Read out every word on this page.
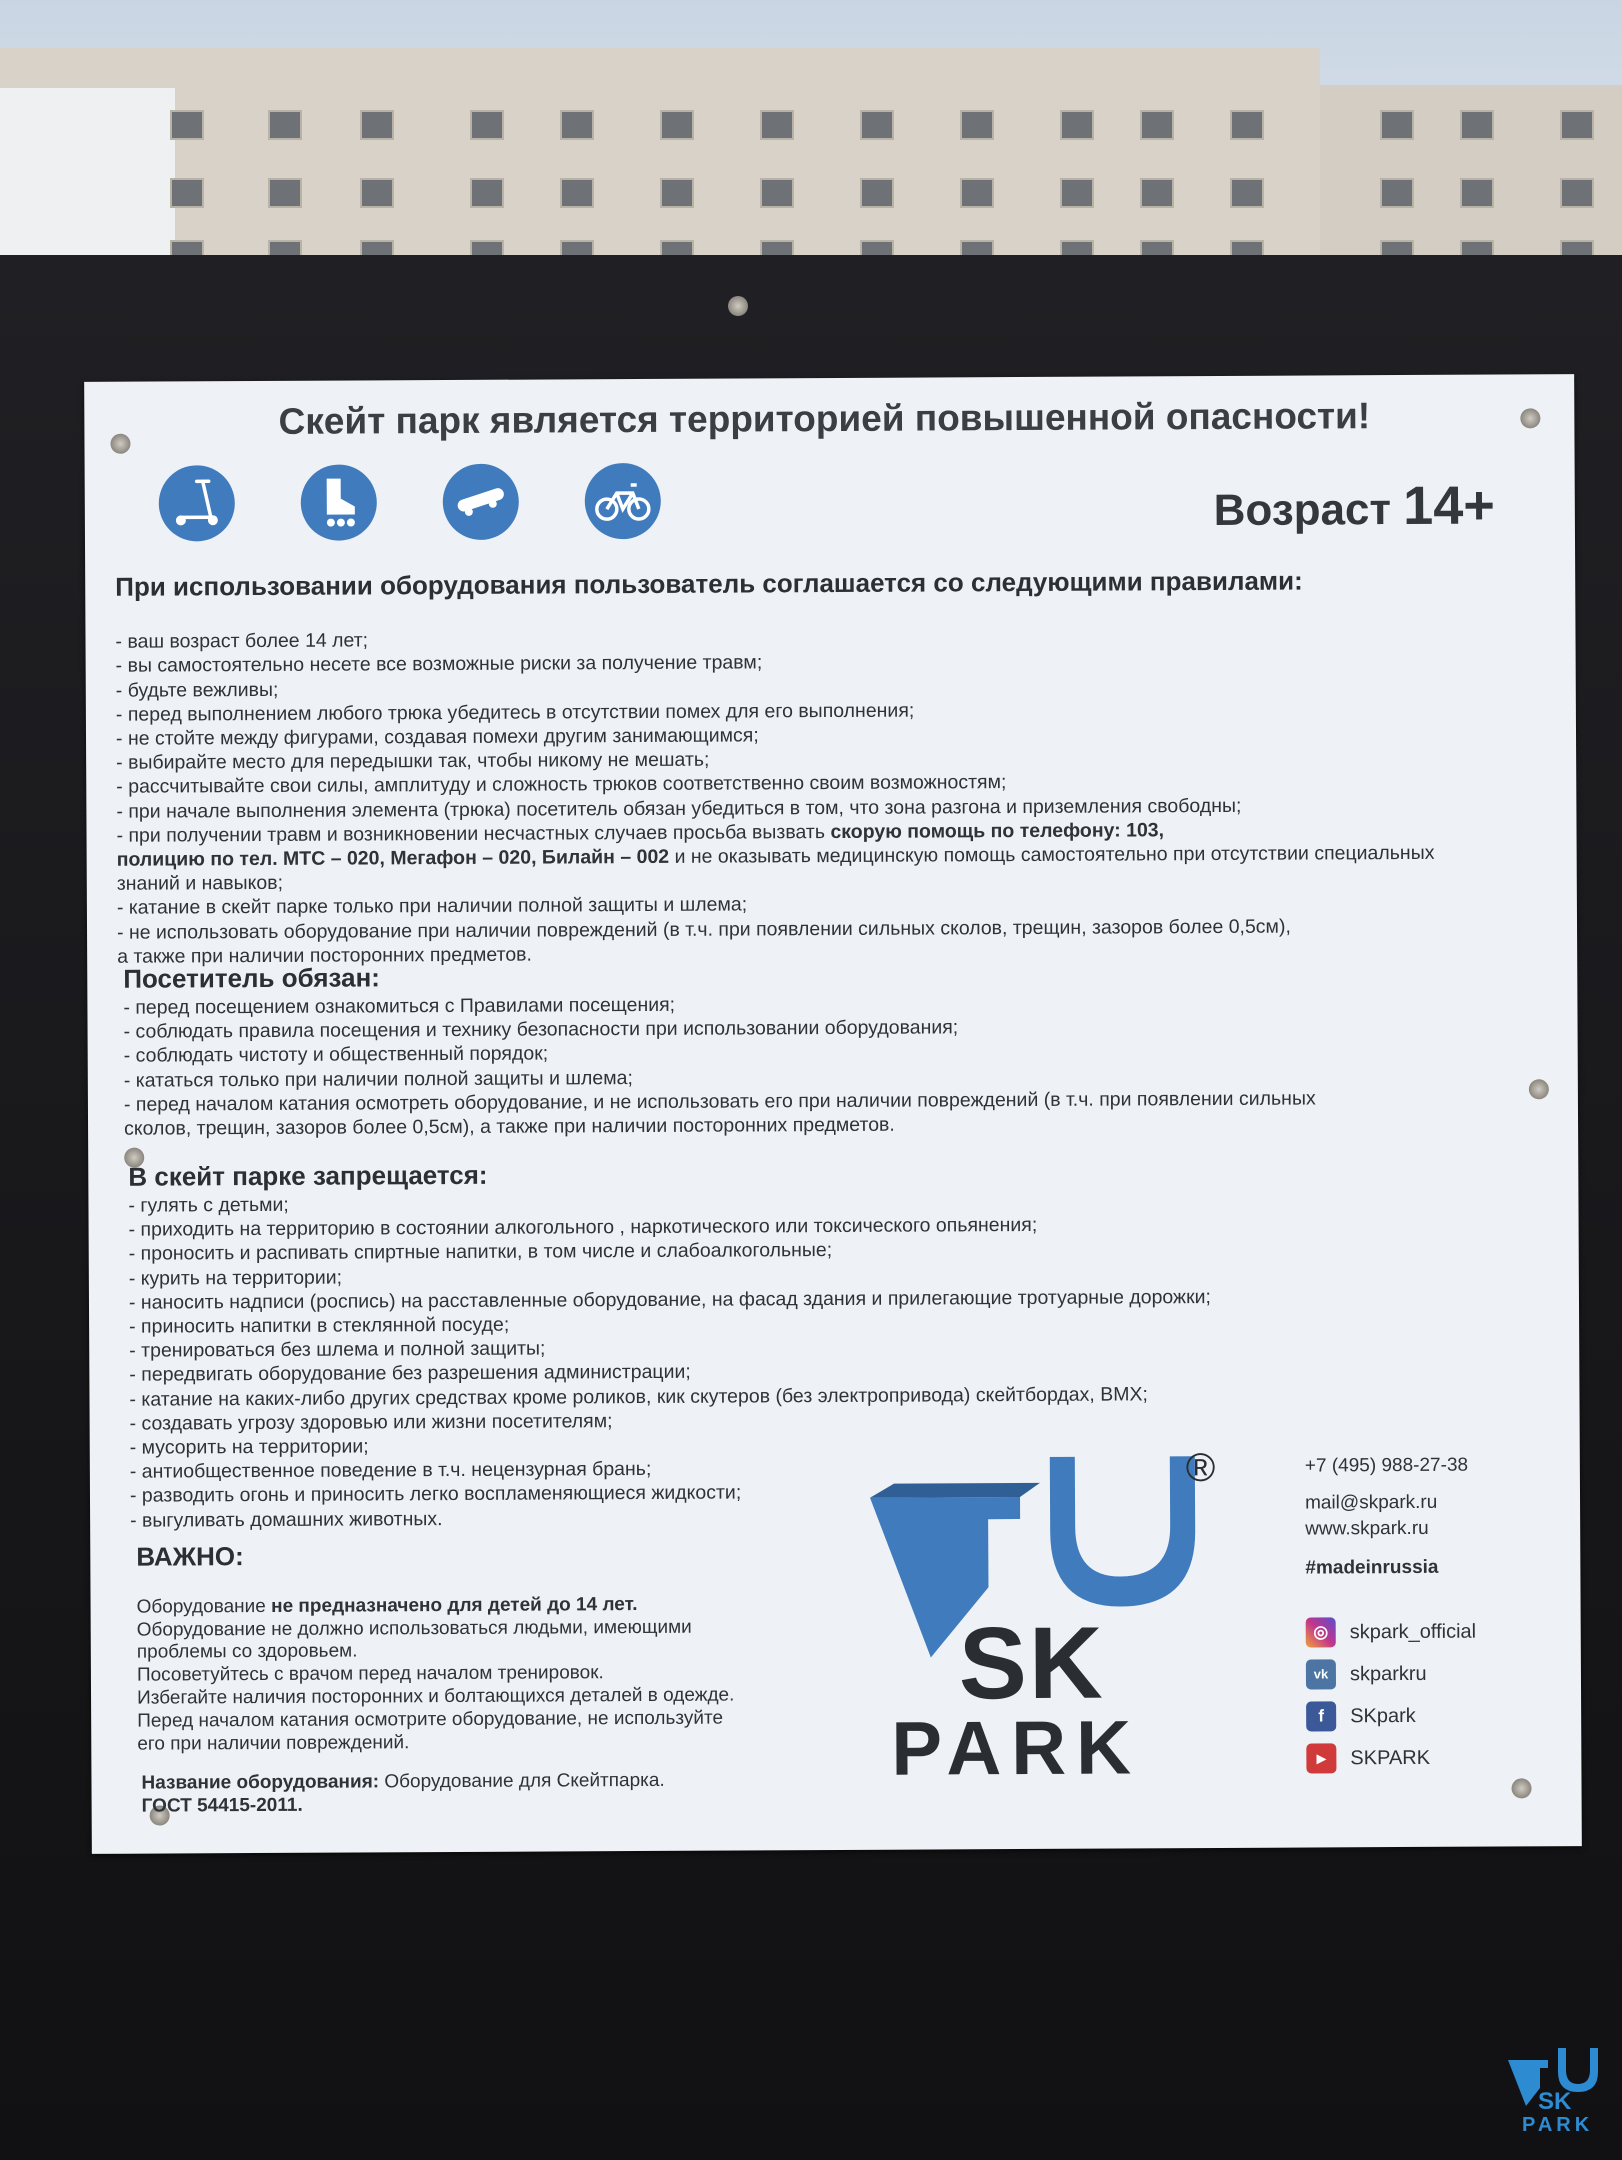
Скейт парк является территорией повышенной опасности!
Возраст 14+
При использовании оборудования пользователь соглашается со следующими правилами:

- ваш возраст более 14 лет;
- вы самостоятельно несете все возможные риски за получение травм;
- будьте вежливы;
- перед выполнением любого трюка убедитесь в отсутствии помех для его выполнения;
- не стойте между фигурами, создавая помехи другим занимающимся;
- выбирайте место для передышки так, чтобы никому не мешать;
- рассчитывайте свои силы, амплитуду и сложность трюков соответственно своим возможностям;
- при начале выполнения элемента (трюка) посетитель обязан убедиться в том, что зона разгона и приземления свободны;
- при получении травм и возникновении несчастных случаев просьба вызвать скорую помощь по телефону: 103,
полицию по тел. МТС – 020, Мегафон – 020, Билайн – 002 и не оказывать медицинскую помощь самостоятельно при отсутствии специальных знаний и навыков;
- катание в скейт парке только при наличии полной защиты и шлема;
- не использовать оборудование при наличии повреждений (в т.ч. при появлении сильных сколов, трещин, зазоров более 0,5см),
а также при наличии посторонних предметов.

Посетитель обязан:
- перед посещением ознакомиться с Правилами посещения;
- соблюдать правила посещения и технику безопасности при использовании оборудования;
- соблюдать чистоту и общественный порядок;
- кататься только при наличии полной защиты и шлема;
- перед началом катания осмотреть оборудование, и не использовать его при наличии повреждений (в т.ч. при появлении сильных
сколов, трещин, зазоров более 0,5см), а также при наличии посторонних предметов.
В скейт парке запрещается:
- гулять с детьми;
- приходить на территорию в состоянии алкогольного , наркотического или токсического опьянения;
- проносить и распивать спиртные напитки, в том числе и слабоалкогольные;
- курить на территории;
- наносить надписи (роспись) на расставленные оборудование, на фасад здания и прилегающие тротуарные дорожки;
- приносить напитки в стеклянной посуде;
- тренироваться без шлема и полной защиты;
- передвигать оборудование без разрешения администрации;
- катание на каких-либо других средствах кроме роликов, кик скутеров (без электропривода) скейтбордах, BMX;
- создавать угрозу здоровью или жизни посетителям;
- мусорить на территории;
- антиобщественное поведение в т.ч. нецензурная брань;
- разводить огонь и приносить легко воспламеняющиеся жидкости;
- выгуливать домашних животных.
ВАЖНО:

Оборудование не предназначено для детей до 14 лет.
Оборудование не должно использоваться людьми, имеющими
проблемы со здоровьем.
Посоветуйтесь с врачом перед началом тренировок.
Избегайте наличия посторонних и болтающихся деталей в одежде.
Перед началом катания осмотрите оборудование, не используйте
его при наличии повреждений.

Название оборудования: Оборудование для Скейтпарка.
ГОСТ 54415-2011.

SK
PARK
®	+7 (495) 988-27-38
mail@skpark.ru
www.skpark.ru
#madeinrussia
◎	skpark_official
vk	skparkru
f	SKpark
▶	SKPARK
SK
PARK
